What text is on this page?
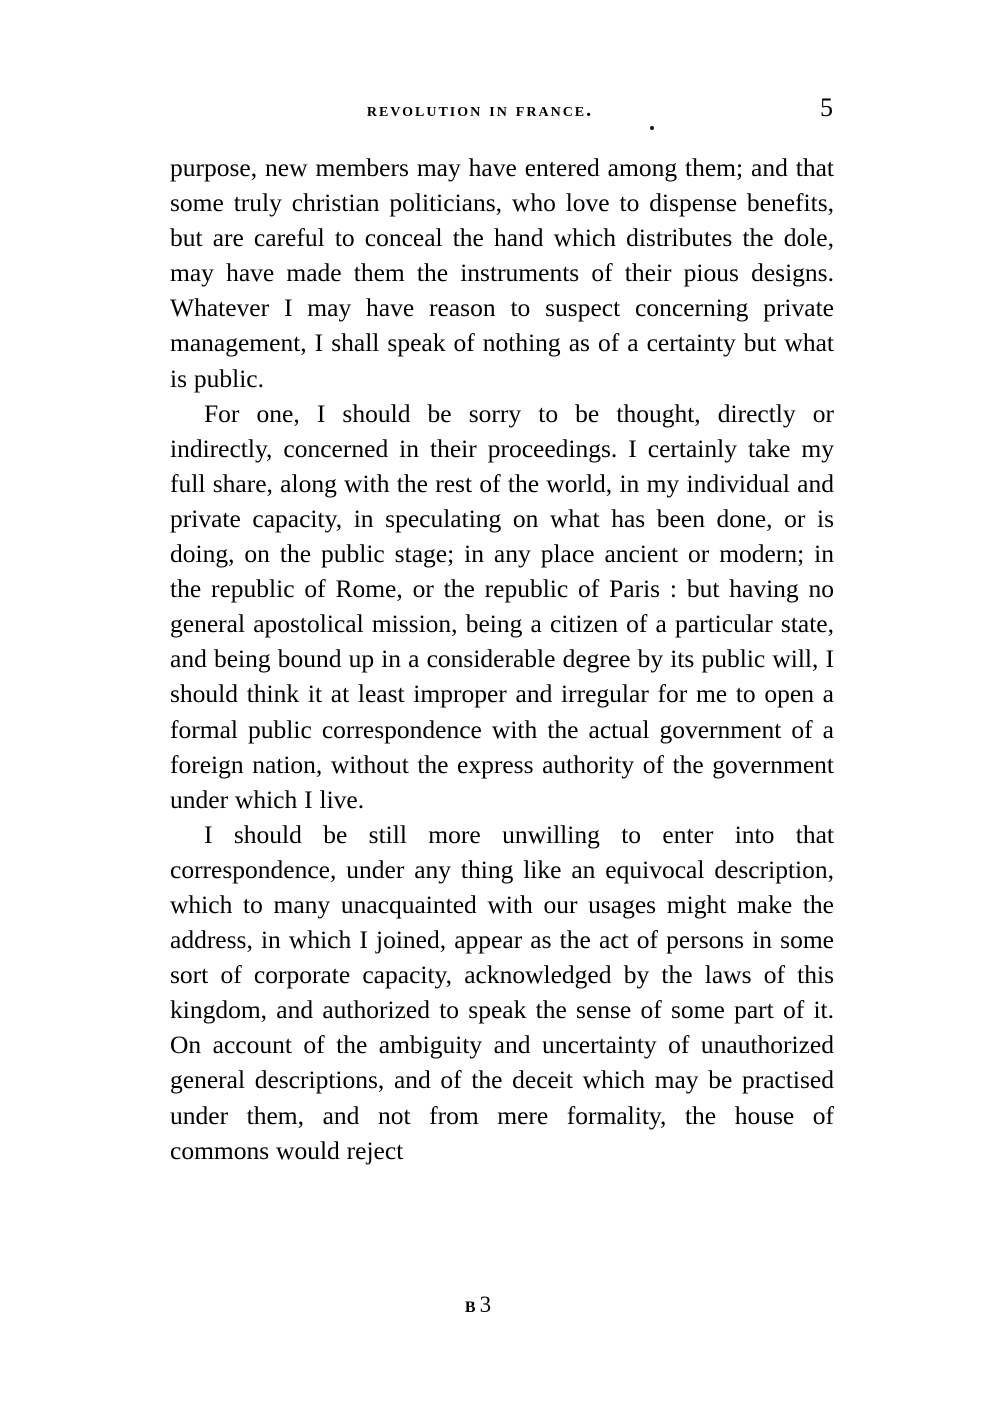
revolution in france.	5

purpose, new members may have entered among them; and that some truly christian politicians, who love to dispense benefits, but are careful to conceal the hand which distributes the dole, may have made them the instruments of their pious designs. Whatever I may have reason to suspect concerning private management, I shall speak of nothing as of a certainty but what is public.

For one, I should be sorry to be thought, directly or indirectly, concerned in their proceedings. I certainly take my full share, along with the rest of the world, in my individual and private capacity, in speculating on what has been done, or is doing, on the public stage; in any place ancient or modern; in the republic of Rome, or the republic of Paris : but having no general apostolical mission, being a citizen of a particular state, and being bound up in a considerable degree by its public will, I should think it at least improper and irregular for me to open a formal public correspondence with the actual government of a foreign nation, without the express authority of the government under which I live.

I should be still more unwilling to enter into that correspondence, under any thing like an equivocal description, which to many unacquainted with our usages might make the address, in which I joined, appear as the act of persons in some sort of corporate capacity, acknowledged by the laws of this kingdom, and authorized to speak the sense of some part of it. On account of the ambiguity and uncertainty of unauthorized general descriptions, and of the deceit which may be practised under them, and not from mere formality, the house of commons would reject

b3
